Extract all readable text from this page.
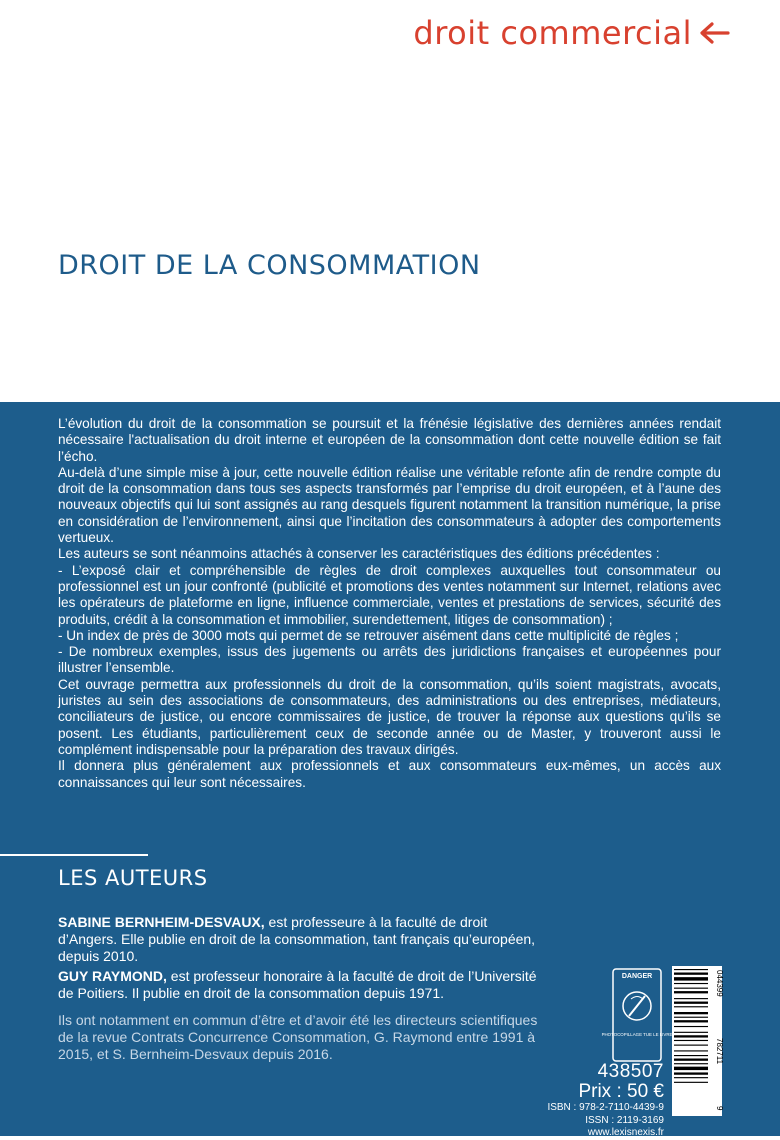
droit commercial
DROIT DE LA CONSOMMATION

L’évolution du droit de la consommation se poursuit et la frénésie législative des dernières années rendait nécessaire l'actualisation du droit interne et européen de la consommation dont cette nouvelle édition se fait l’écho.

Au-delà d’une simple mise à jour, cette nouvelle édition réalise une véritable refonte afin de rendre compte du droit de la consommation dans tous ses aspects transformés par l’emprise du droit européen, et à l’aune des nouveaux objectifs qui lui sont assignés au rang desquels figurent notamment la transition numérique, la prise en considération de l’environnement, ainsi que l’incitation des consommateurs à adopter des comportements vertueux.

Les auteurs se sont néanmoins attachés à conserver les caractéristiques des éditions précédentes :

- L’exposé clair et compréhensible de règles de droit complexes auxquelles tout consommateur ou professionnel est un jour confronté (publicité et promotions des ventes notamment sur Internet, relations avec les opérateurs de plateforme en ligne, influence commerciale, ventes et prestations de services, sécurité des produits, crédit à la consommation et immobilier, surendettement, litiges de consommation) ;

- Un index de près de 3000 mots qui permet de se retrouver aisément dans cette multiplicité de règles ;

- De nombreux exemples, issus des jugements ou arrêts des juridictions françaises et européennes pour illustrer l’ensemble.

Cet ouvrage permettra aux professionnels du droit de la consommation, qu’ils soient magistrats, avocats, juristes au sein des associations de consommateurs, des administrations ou des entreprises, médiateurs, conciliateurs de justice, ou encore commissaires de justice, de trouver la réponse aux questions qu’ils se posent. Les étudiants, particulièrement ceux de seconde année ou de Master, y trouveront aussi le complément indispensable pour la préparation des travaux dirigés.

Il donnera plus généralement aux professionnels et aux consommateurs eux-mêmes, un accès aux connaissances qui leur sont nécessaires.

LES AUTEURS

SABINE BERNHEIM-DESVAUX, est professeure à la faculté de droit d’Angers. Elle publie en droit de la consommation, tant français qu’européen, depuis 2010.

GUY RAYMOND, est professeur honoraire à la faculté de droit de l’Université de Poitiers. Il publie en droit de la consommation depuis 1971.

Ils ont notamment en commun d’être et d’avoir été les directeurs scientifiques de la revue Contrats Concurrence Consommation, G. Raymond entre 1991 à 2015, et S. Bernheim-Desvaux depuis 2016.

DANGER
PHOTOCOPILLAGE TUE LE LIVRE
044399
782711
9
438507
Prix : 50 €
ISBN : 978-2-7110-4439-9
ISSN : 2119-3169
www.lexisnexis.fr
